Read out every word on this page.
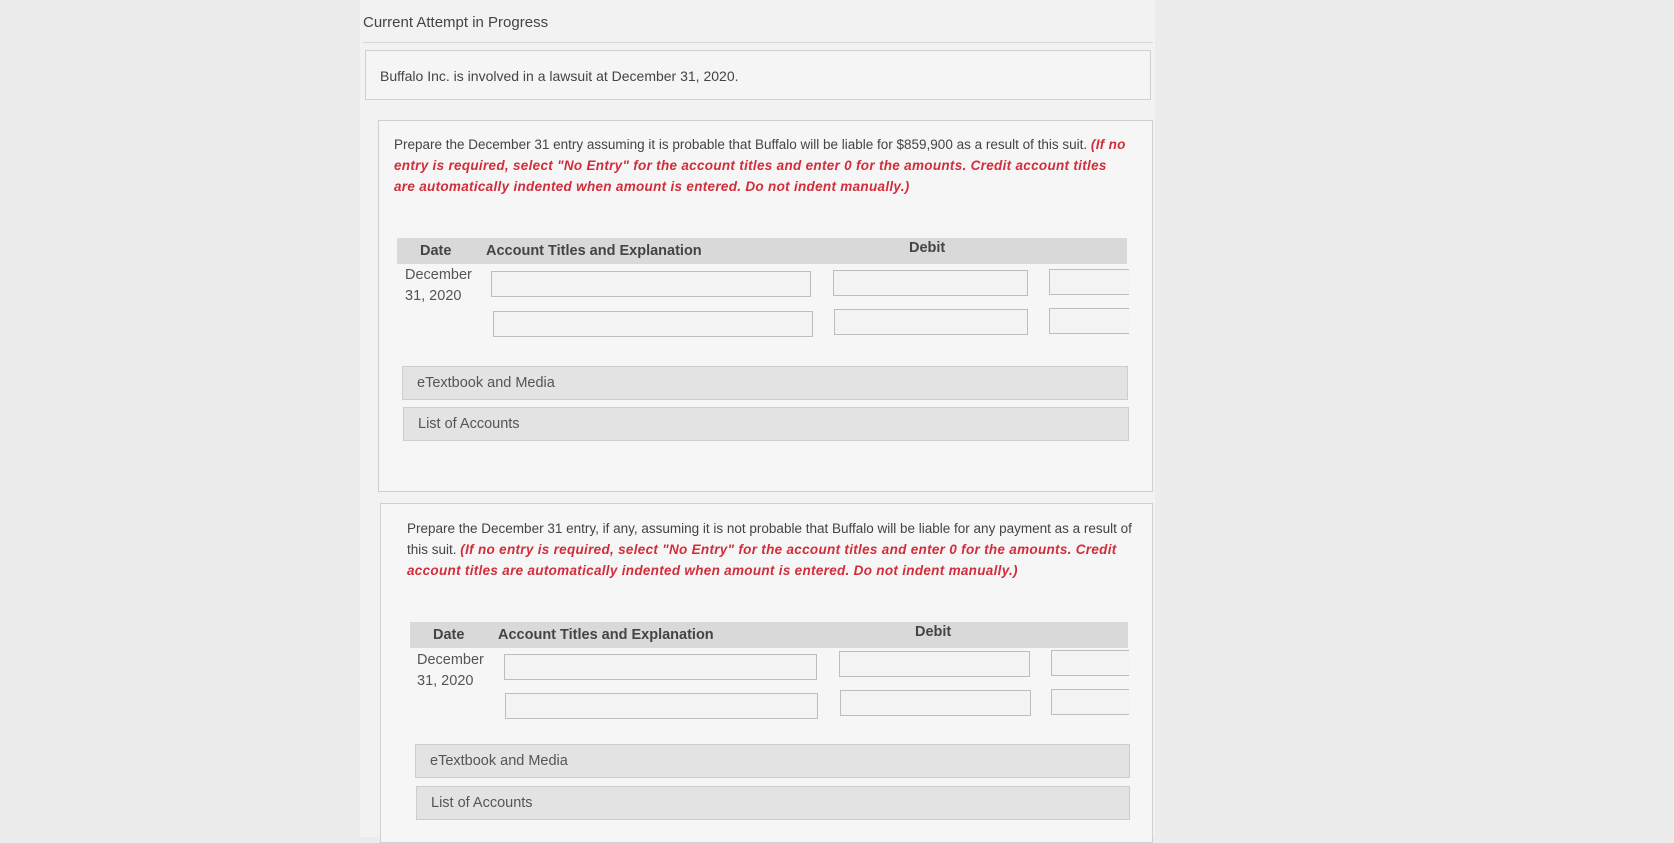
Current Attempt in Progress
Buffalo Inc. is involved in a lawsuit at December 31, 2020.
Prepare the December 31 entry assuming it is probable that Buffalo will be liable for $859,900 as a result of this suit. (If no entry is required, select "No Entry" for the account titles and enter 0 for the amounts. Credit account titles are automatically indented when amount is entered. Do not indent manually.)
Date Account Titles and Explanation	Debit
December
31, 2020
eTextbook and Media
List of Accounts
Prepare the December 31 entry, if any, assuming it is not probable that Buffalo will be liable for any payment as a result of this suit. (If no entry is required, select "No Entry" for the account titles and enter 0 for the amounts. Credit account titles are automatically indented when amount is entered. Do not indent manually.)
Date Account Titles and Explanation	Debit
December
31, 2020
eTextbook and Media
List of Accounts
